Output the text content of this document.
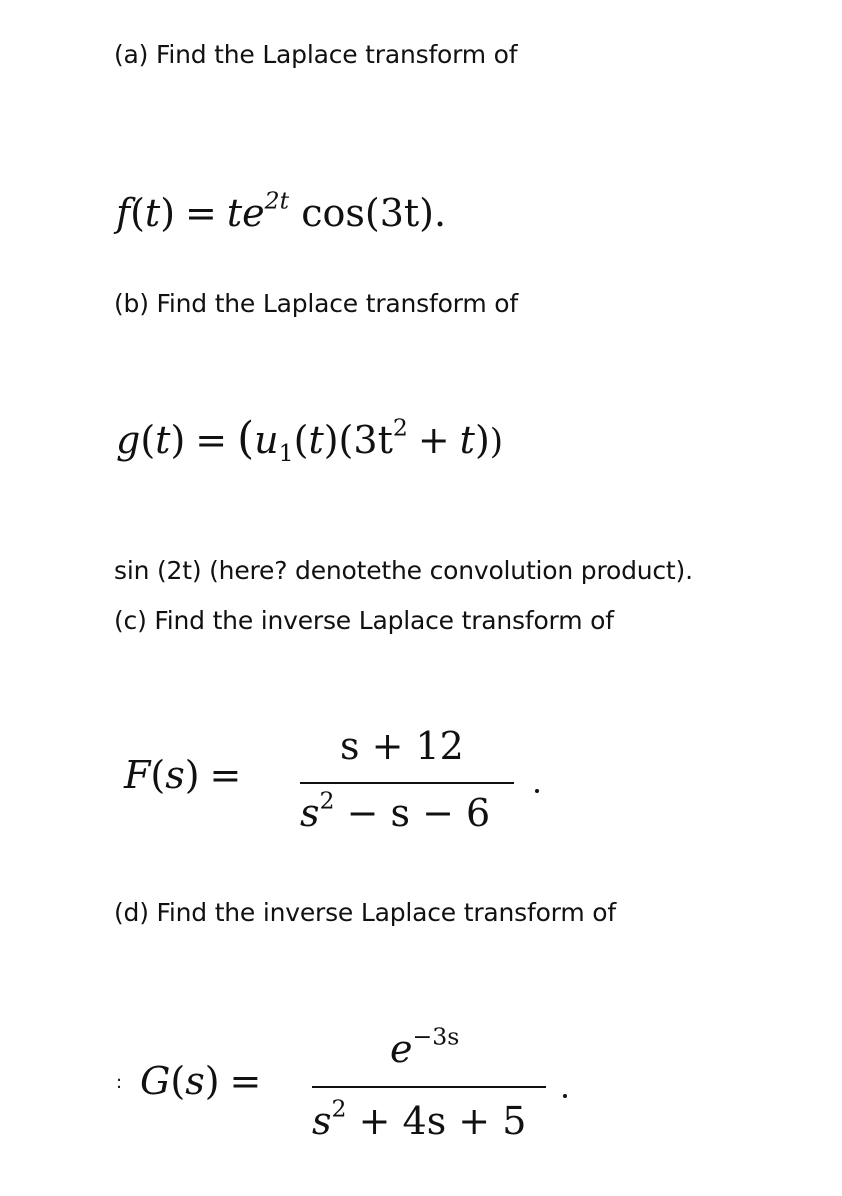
(a) Find the Laplace transform of
$f(t) = te^{2t}$ cos(3t).
(b) Find the Laplace transform of
$g(t) = (u_1(t)(3t^2 + t))$
sin (2t) (here? denotethe convolution product).
(c) Find the inverse Laplace transform of
F(s) =
s + 12
$s^2 - s - 6$
(d) Find the inverse Laplace transform of
: G(s) =
$e^{-3s}$
$s^2 + 4s + 5$
